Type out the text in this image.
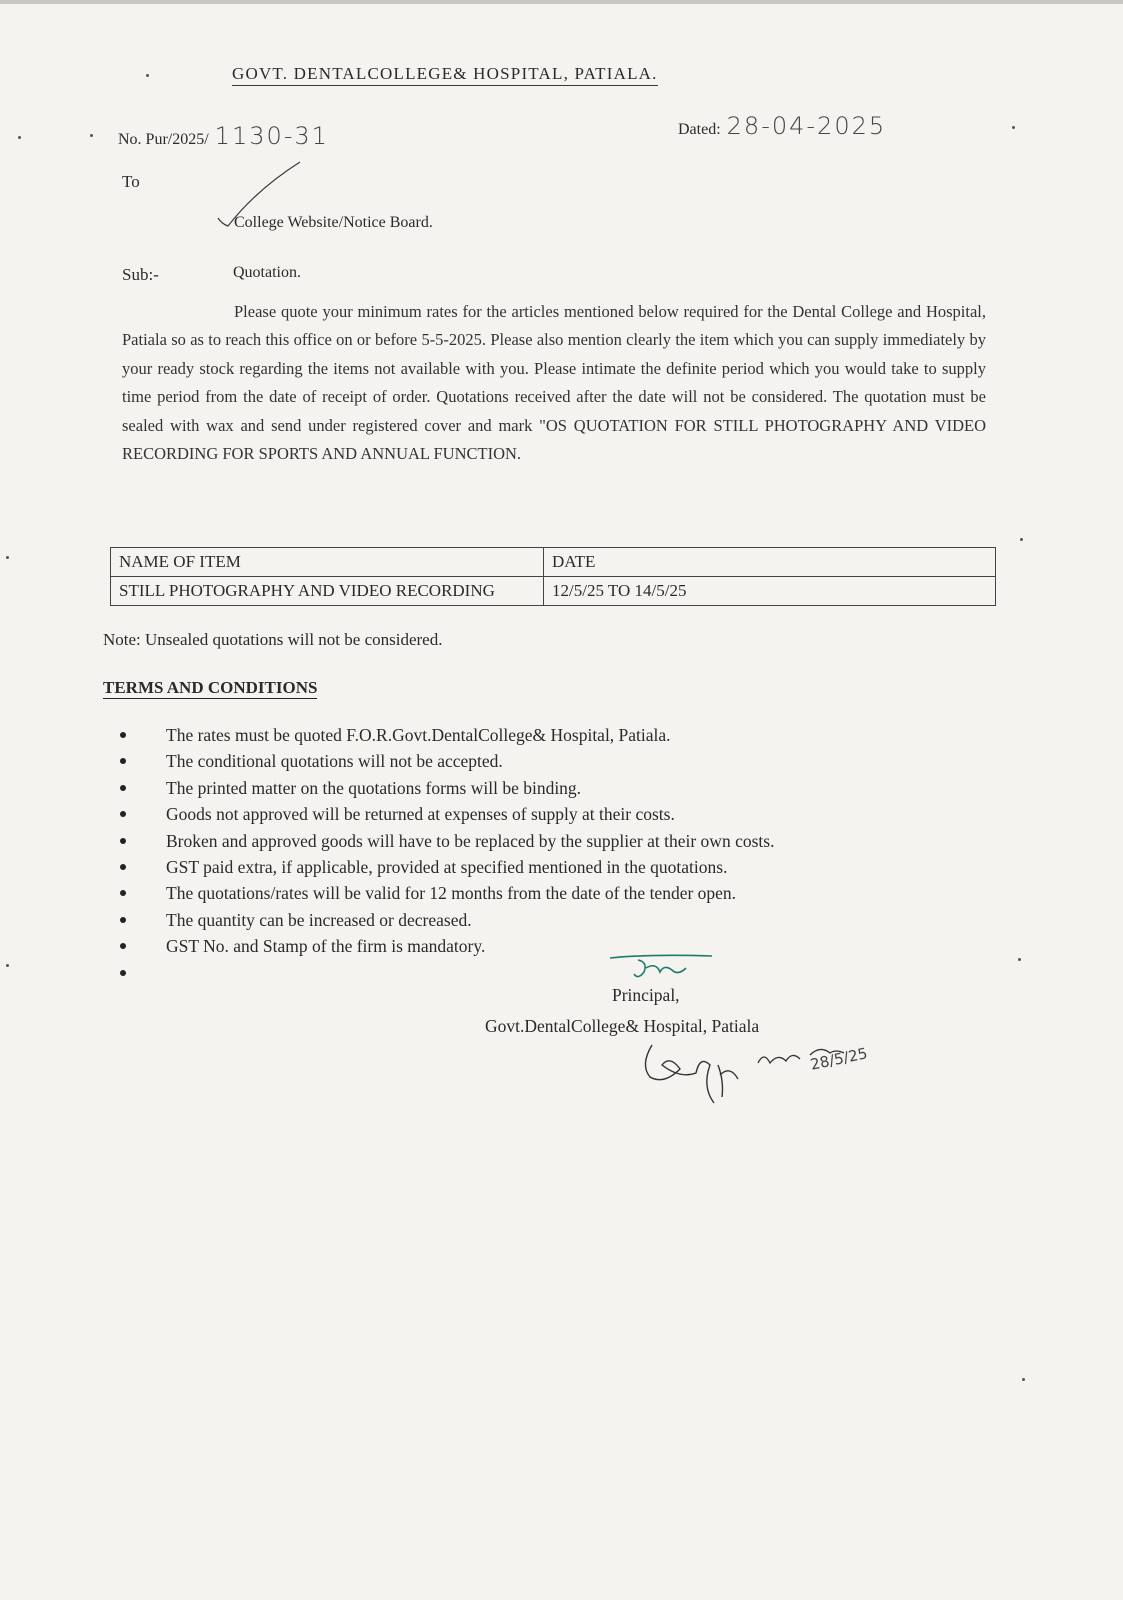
GOVT. DENTALCOLLEGE& HOSPITAL, PATIALA.
No. Pur/2025/ 1130-31	Dated: 28-04-2025
To
College Website/Notice Board.
Sub:-	Quotation.
Please quote your minimum rates for the articles mentioned below required for the Dental College and Hospital, Patiala so as to reach this office on or before 5-5-2025. Please also mention clearly the item which you can supply immediately by your ready stock regarding the items not available with you. Please intimate the definite period which you would take to supply time period from the date of receipt of order. Quotations received after the date will not be considered. The quotation must be sealed with wax and send under registered cover and mark "OS QUOTATION FOR STILL PHOTOGRAPHY AND VIDEO RECORDING FOR SPORTS AND ANNUAL FUNCTION.
NAME OF ITEM	DATE
STILL PHOTOGRAPHY AND VIDEO RECORDING	12/5/25 TO 14/5/25
Note: Unsealed quotations will not be considered.
TERMS AND CONDITIONS
The rates must be quoted F.O.R.Govt.DentalCollege& Hospital, Patiala.
The conditional quotations will not be accepted.
The printed matter on the quotations forms will be binding.
Goods not approved will be returned at expenses of supply at their costs.
Broken and approved goods will have to be replaced by the supplier at their own costs.
GST paid extra, if applicable, provided at specified mentioned in the quotations.
The quotations/rates will be valid for 12 months from the date of the tender open.
The quantity can be increased or decreased.
GST No. and Stamp of the firm is mandatory.
Principal,
Govt.DentalCollege& Hospital, Patiala
28/5/25
